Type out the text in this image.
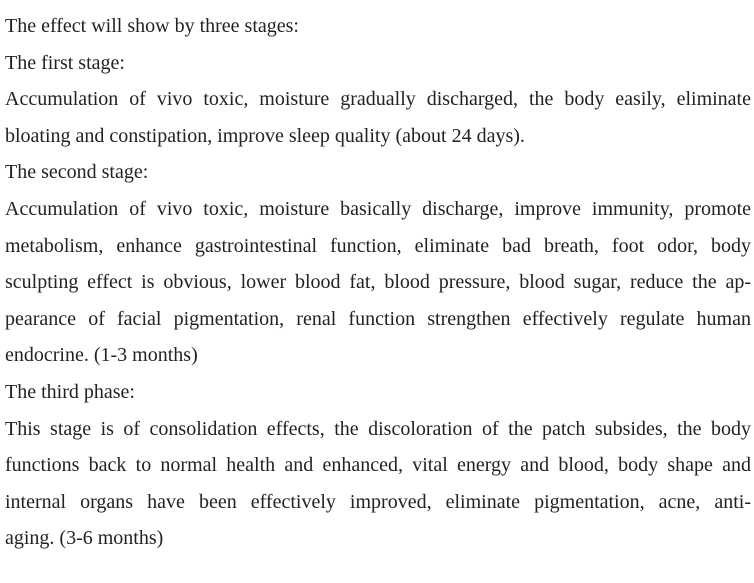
The effect will show by three stages:
The first stage:
Accumulation of vivo toxic, moisture gradually discharged, the body easily, eliminate
bloating and constipation, improve sleep quality (about 24 days).
The second stage:
Accumulation of vivo toxic, moisture basically discharge, improve immunity, promote
metabolism, enhance gastrointestinal function, eliminate bad breath, foot odor, body
sculpting effect is obvious, lower blood fat, blood pressure, blood sugar, reduce the ap-
pearance of facial pigmentation, renal function strengthen effectively regulate human
endocrine. (1-3 months)
The third phase:
This stage is of consolidation effects, the discoloration of the patch subsides, the body
functions back to normal health and enhanced, vital energy and blood, body shape and
internal organs have been effectively improved, eliminate pigmentation, acne, anti-
aging. (3-6 months)
